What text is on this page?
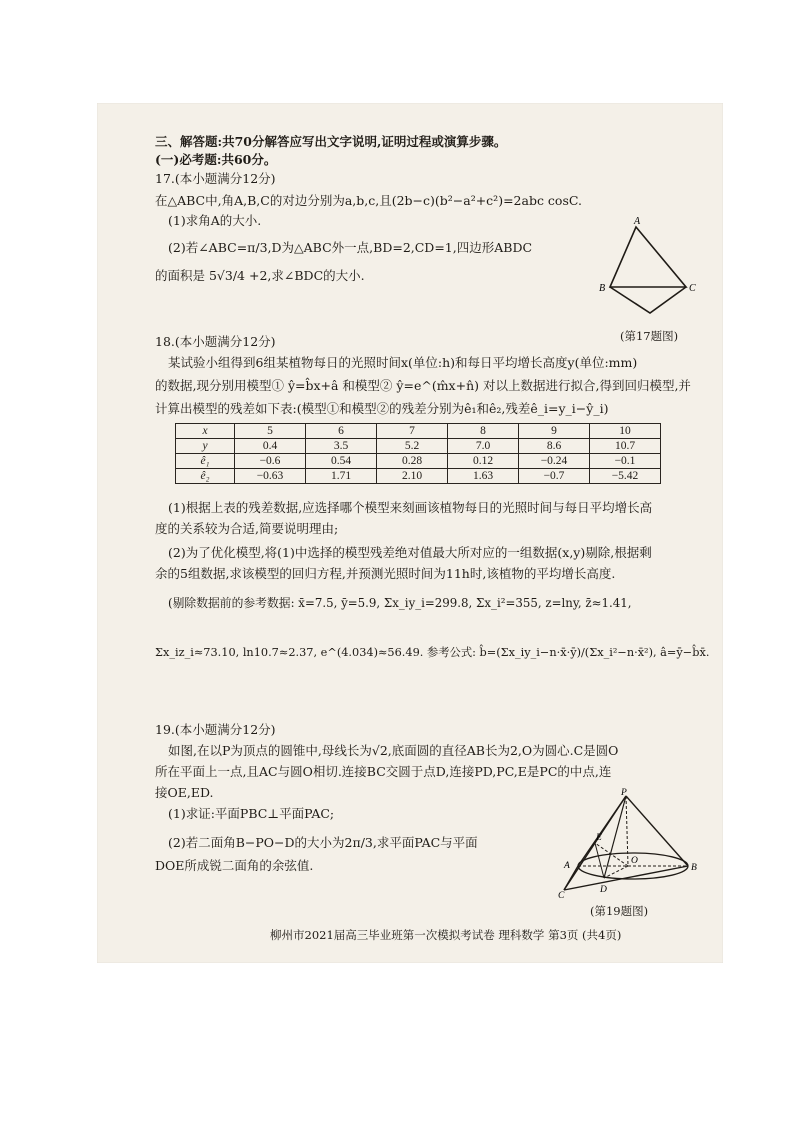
三、解答题:共70分解答应写出文字说明,证明过程或演算步骤。
(一)必考题:共60分。
17.(本小题满分12分)
在△ABC中,角A,B,C的对边分别为a,b,c,且(2b−c)(b²−a²+c²)=2abc cosC.
(1)求角A的大小.
(2)若∠ABC=π/3,D为△ABC外一点,BD=2,CD=1,四边形ABDC
的面积是 5√3/4 +2,求∠BDC的大小.
A
B	C
(第17题图)
18.(本小题满分12分)
某试验小组得到6组某植物每日的光照时间x(单位:h)和每日平均增长高度y(单位:mm)
的数据,现分别用模型① ŷ=b̂x+â 和模型② ŷ=e^(m̂x+n̂) 对以上数据进行拟合,得到回归模型,并
计算出模型的残差如下表:(模型①和模型②的残差分别为ê₁和ê₂,残差ê_i=y_i−ŷ_i)
x	5	6	7	8	9	10
y	0.4	3.5	5.2	7.0	8.6	10.7
ê₁	−0.6	0.54	0.28	0.12	−0.24	−0.1
ê₂	−0.63	1.71	2.10	1.63	−0.7	−5.42
(1)根据上表的残差数据,应选择哪个模型来刻画该植物每日的光照时间与每日平均增长高
度的关系较为合适,简要说明理由;
(2)为了优化模型,将(1)中选择的模型残差绝对值最大所对应的一组数据(x,y)剔除,根据剩
余的5组数据,求该模型的回归方程,并预测光照时间为11h时,该植物的平均增长高度.
(剔除数据前的参考数据: x̄=7.5, ȳ=5.9, Σx_iy_i=299.8, Σx_i²=355, z=lny, z̄≈1.41,
Σx_iz_i≈73.10, ln10.7≈2.37, e^(4.034)≈56.49. 参考公式: b̂=(Σx_iy_i−n·x̄·ȳ)/(Σx_i²−n·x̄²), â=ȳ−b̂x̄.
19.(本小题满分12分)
如图,在以P为顶点的圆锥中,母线长为√2,底面圆的直径AB长为2,O为圆心.C是圆O
所在平面上一点,且AC与圆O相切.连接BC交圆于点D,连接PD,PC,E是PC的中点,连
接OE,ED.
(1)求证:平面PBC⊥平面PAC;
(2)若二面角B−PO−D的大小为2π/3,求平面PAC与平面
DOE所成锐二面角的余弦值.
P
A	B
C
D
E
O
(第19题图)
柳州市2021届高三毕业班第一次模拟考试卷 理科数学 第3页 (共4页)
